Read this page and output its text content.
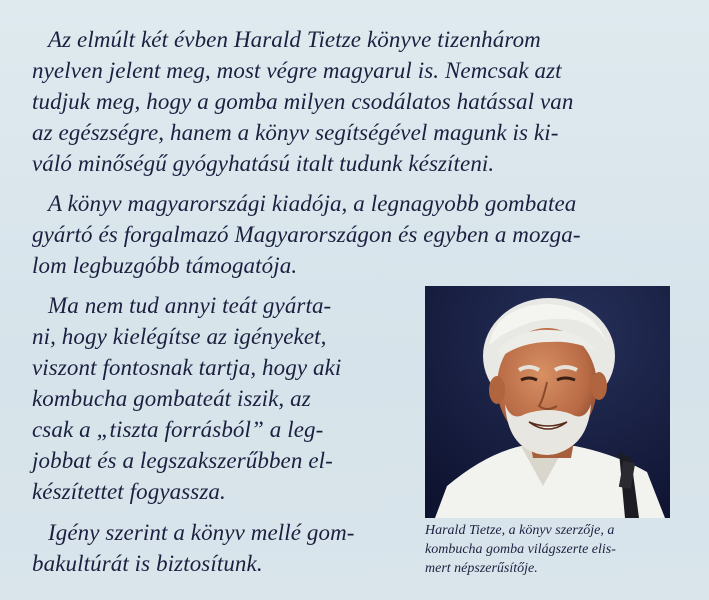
Az elmúlt két évben Harald Tietze könyve tizenhárom
nyelven jelent meg, most végre magyarul is. Nemcsak azt
tudjuk meg, hogy a gomba milyen csodálatos hatással van
az egészségre, hanem a könyv segítségével magunk is ki-
váló minőségű gyógyhatású italt tudunk készíteni.
A könyv magyarországi kiadója, a legnagyobb gombatea
gyártó és forgalmazó Magyarországon és egyben a mozga-
lom legbuzgóbb támogatója.
Ma nem tud annyi teát gyárta-
ni, hogy kielégítse az igényeket,
viszont fontosnak tartja, hogy aki
kombucha gombateát iszik, az
csak a „tiszta forrásból” a leg-
jobbat és a legszakszerűbben el-
készítettet fogyassza.
Igény szerint a könyv mellé gom-
bakultúrát is biztosítunk.
Harald Tietze, a könyv szerzője, a
kombucha gomba világszerte elis-
mert népszerűsítője.
